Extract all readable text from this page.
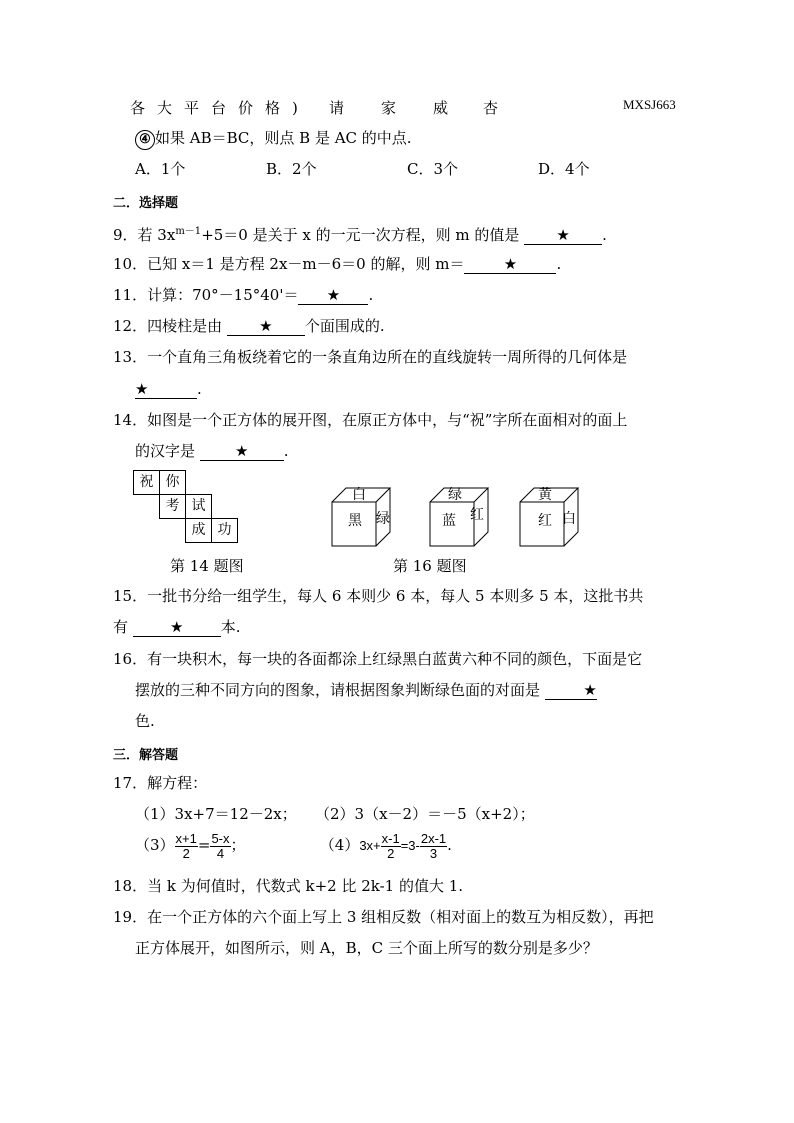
各 大 平 台 价 格 ) 请 家 威 杏	MXSJ663
④ 如果 AB＝BC，则点 B 是 AC 的中点.
A．1个	B．2个	C．3个	D．4个
二．选择题
9．若 $3x^{m-1}+5=0$ 是关于 x 的一元一次方程，则 m 的值是 ★ .
10．已知 x＝1 是方程 2x－m－6＝0 的解，则 m＝	★	.
11．计算：70°－15°40'＝ ★ .
12．四棱柱是由 ★ 个面围成的.
13．一个直角三角板绕着它的一条直角边所在的直线旋转一周所得的几何体是
★	.
14．如图是一个正方体的展开图，在原正方体中，与“祝”字所在面相对的面上
的汉字是 ★ .
祝 你
考 试
成 功
第 14 题图
白
黑 绿
绿
蓝 红
黄
红 白
第 16 题图
15．一批书分给一组学生，每人 6 本则少 6 本，每人 5 本则多 5 本，这批书共
有 ★ 本.
16．有一块积木，每一块的各面都涂上红绿黑白蓝黄六种不同的颜色，下面是它
摆放的三种不同方向的图象，请根据图象判断绿色面的对面是	★
色.
三．解答题
17．解方程：
（1）3x+7＝12－2x； （2）3（x－2）＝－5（x+2）；
$(3) \frac{x+1}{2} = \frac{5-x}{4}$ ；	$(4)3x+ \frac{x-1}{2} =3- \frac{2x-1}{3}$ .
18．当 k 为何值时，代数式 k+2 比 2k-1 的值大 1.
19．在一个正方体的六个面上写上 3 组相反数（相对面上的数互为相反数），再把
正方体展开，如图所示，则 A，B，C 三个面上所写的数分别是多少？
